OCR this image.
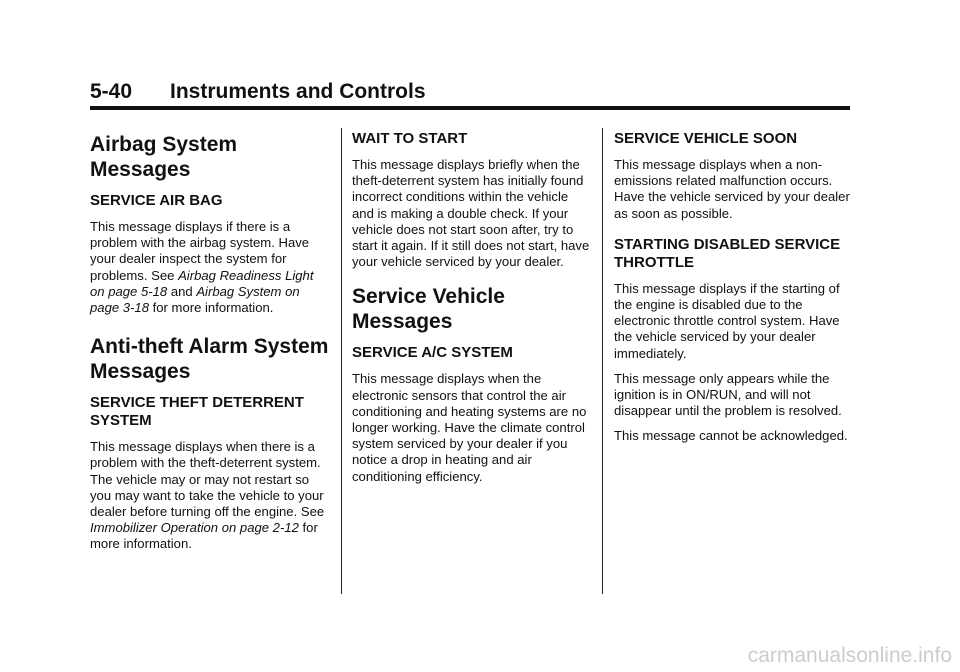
5-40 Instruments and Controls
Airbag System Messages
SERVICE AIR BAG

This message displays if there is a problem with the airbag system. Have your dealer inspect the system for problems. See Airbag Readiness Light on page 5-18 and Airbag System on page 3-18 for more information.

Anti-theft Alarm System Messages
SERVICE THEFT DETERRENT SYSTEM

This message displays when there is a problem with the theft-deterrent system. The vehicle may or may not restart so you may want to take the vehicle to your dealer before turning off the engine. See Immobilizer Operation on page 2-12 for more information.

WAIT TO START

This message displays briefly when the theft-deterrent system has initially found incorrect conditions within the vehicle and is making a double check. If your vehicle does not start soon after, try to start it again. If it still does not start, have your vehicle serviced by your dealer.

Service Vehicle Messages
SERVICE A/C SYSTEM

This message displays when the electronic sensors that control the air conditioning and heating systems are no longer working. Have the climate control system serviced by your dealer if you notice a drop in heating and air conditioning efficiency.

SERVICE VEHICLE SOON

This message displays when a non-emissions related malfunction occurs. Have the vehicle serviced by your dealer as soon as possible.

STARTING DISABLED SERVICE THROTTLE

This message displays if the starting of the engine is disabled due to the electronic throttle control system. Have the vehicle serviced by your dealer immediately.

This message only appears while the ignition is in ON/RUN, and will not disappear until the problem is resolved.

This message cannot be acknowledged.

carmanualsonline.info
